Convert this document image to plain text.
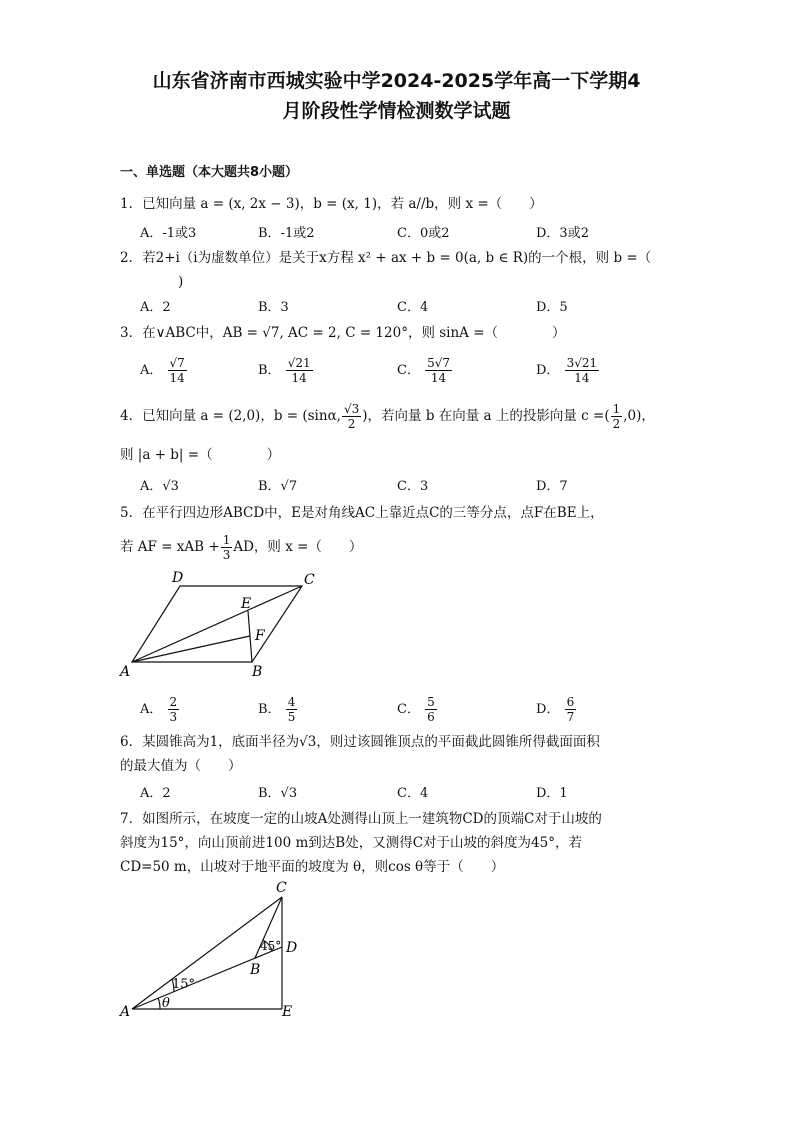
山东省济南市西城实验中学2024-2025学年高一下学期4
月阶段性学情检测数学试题
一、单选题（本大题共8小题）
1．已知向量 a = (x, 2x − 3)，b = (x, 1)，若 a//b，则 x =（　　）
A．-1或3	B．-1或2	C．0或2	D．3或2
2．若2+i（i为虚数单位）是关于x方程 x² + ax + b = 0(a, b ∈ R)的一个根，则 b =（
)
A．2	B．3	C．4	D．5
3．在∨ABC中，AB = √7, AC = 2, C = 120°，则 sinA =（　　　　）
A． $\frac{√7}{14}$	B． $\frac{√21}{14}$	C． $\frac{5√7}{14}$	D． $\frac{3√21}{14}$
4．已知向量 a = (2,0)，b = (sinα, $\frac{√3}{2}$ )，若向量 b 在向量 a 上的投影向量 c =( $\frac{1}{2} ,0$)，
则 |a + b| =（　　　　）
A．√3	B．√7	C．3	D．7
5．在平行四边形ABCD中，E是对角线AC上靠近点C的三等分点，点F在BE上，
若 AF = xAB + $\frac{1}{3}$ AD，则 x =（　　）
A	B
C
D
E
F
A． $\frac{2}{3}$	B． $\frac{4}{5}$	C． $\frac{5}{6}$	D． $\frac{6}{7}$
6．某圆锥高为1，底面半径为√3，则过该圆锥顶点的平面截此圆锥所得截面面积
的最大值为（　　）
A．2	B．√3	C．4	D．1
7．如图所示，在坡度一定的山坡A处测得山顶上一建筑物CD的顶端C对于山坡的
斜度为15°，向山顶前进100 m到达B处，又测得C对于山坡的斜度为45°，若
CD=50 m，山坡对于地平面的坡度为 θ，则cos θ等于（　　）
A
B
C
D
E
15°
45°
θ
